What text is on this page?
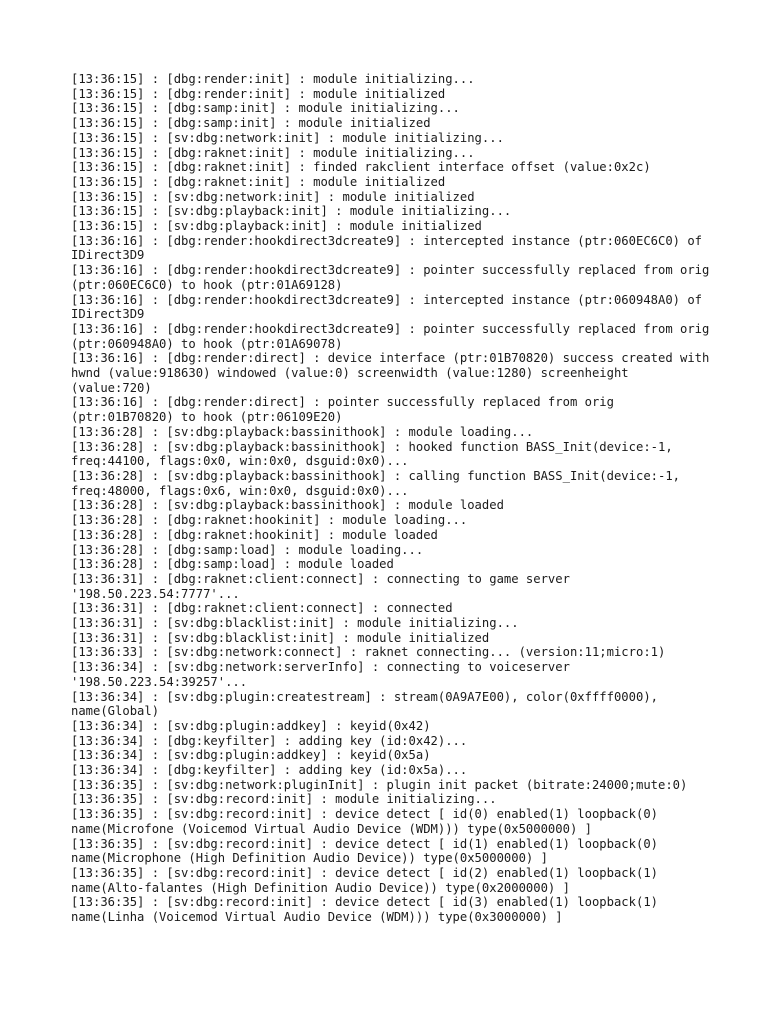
[13:36:15] : [dbg:render:init] : module initializing...
[13:36:15] : [dbg:render:init] : module initialized
[13:36:15] : [dbg:samp:init] : module initializing...
[13:36:15] : [dbg:samp:init] : module initialized
[13:36:15] : [sv:dbg:network:init] : module initializing...
[13:36:15] : [dbg:raknet:init] : module initializing...
[13:36:15] : [dbg:raknet:init] : finded rakclient interface offset (value:0x2c)
[13:36:15] : [dbg:raknet:init] : module initialized
[13:36:15] : [sv:dbg:network:init] : module initialized
[13:36:15] : [sv:dbg:playback:init] : module initializing...
[13:36:15] : [sv:dbg:playback:init] : module initialized
[13:36:16] : [dbg:render:hookdirect3dcreate9] : intercepted instance (ptr:060EC6C0) of IDirect3D9
[13:36:16] : [dbg:render:hookdirect3dcreate9] : pointer successfully replaced from orig (ptr:060EC6C0) to hook (ptr:01A69128)
[13:36:16] : [dbg:render:hookdirect3dcreate9] : intercepted instance (ptr:060948A0) of IDirect3D9
[13:36:16] : [dbg:render:hookdirect3dcreate9] : pointer successfully replaced from orig (ptr:060948A0) to hook (ptr:01A69078)
[13:36:16] : [dbg:render:direct] : device interface (ptr:01B70820) success created with hwnd (value:918630) windowed (value:0) screenwidth (value:1280) screenheight (value:720)
[13:36:16] : [dbg:render:direct] : pointer successfully replaced from orig (ptr:01B70820) to hook (ptr:06109E20)
[13:36:28] : [sv:dbg:playback:bassinithook] : module loading...
[13:36:28] : [sv:dbg:playback:bassinithook] : hooked function BASS_Init(device:-1, freq:44100, flags:0x0, win:0x0, dsguid:0x0)...
[13:36:28] : [sv:dbg:playback:bassinithook] : calling function BASS_Init(device:-1, freq:48000, flags:0x6, win:0x0, dsguid:0x0)...
[13:36:28] : [sv:dbg:playback:bassinithook] : module loaded
[13:36:28] : [dbg:raknet:hookinit] : module loading...
[13:36:28] : [dbg:raknet:hookinit] : module loaded
[13:36:28] : [dbg:samp:load] : module loading...
[13:36:28] : [dbg:samp:load] : module loaded
[13:36:31] : [dbg:raknet:client:connect] : connecting to game server '198.50.223.54:7777'...
[13:36:31] : [dbg:raknet:client:connect] : connected
[13:36:31] : [sv:dbg:blacklist:init] : module initializing...
[13:36:31] : [sv:dbg:blacklist:init] : module initialized
[13:36:33] : [sv:dbg:network:connect] : raknet connecting... (version:11;micro:1)
[13:36:34] : [sv:dbg:network:serverInfo] : connecting to voiceserver '198.50.223.54:39257'...
[13:36:34] : [sv:dbg:plugin:createstream] : stream(0A9A7E00), color(0xffff0000), name(Global)
[13:36:34] : [sv:dbg:plugin:addkey] : keyid(0x42)
[13:36:34] : [dbg:keyfilter] : adding key (id:0x42)...
[13:36:34] : [sv:dbg:plugin:addkey] : keyid(0x5a)
[13:36:34] : [dbg:keyfilter] : adding key (id:0x5a)...
[13:36:35] : [sv:dbg:network:pluginInit] : plugin init packet (bitrate:24000;mute:0)
[13:36:35] : [sv:dbg:record:init] : module initializing...
[13:36:35] : [sv:dbg:record:init] : device detect [ id(0) enabled(1) loopback(0) name(Microfone (Voicemod Virtual Audio Device (WDM))) type(0x5000000) ]
[13:36:35] : [sv:dbg:record:init] : device detect [ id(1) enabled(1) loopback(0) name(Microphone (High Definition Audio Device)) type(0x5000000) ]
[13:36:35] : [sv:dbg:record:init] : device detect [ id(2) enabled(1) loopback(1) name(Alto-falantes (High Definition Audio Device)) type(0x2000000) ]
[13:36:35] : [sv:dbg:record:init] : device detect [ id(3) enabled(1) loopback(1) name(Linha (Voicemod Virtual Audio Device (WDM))) type(0x3000000) ]
